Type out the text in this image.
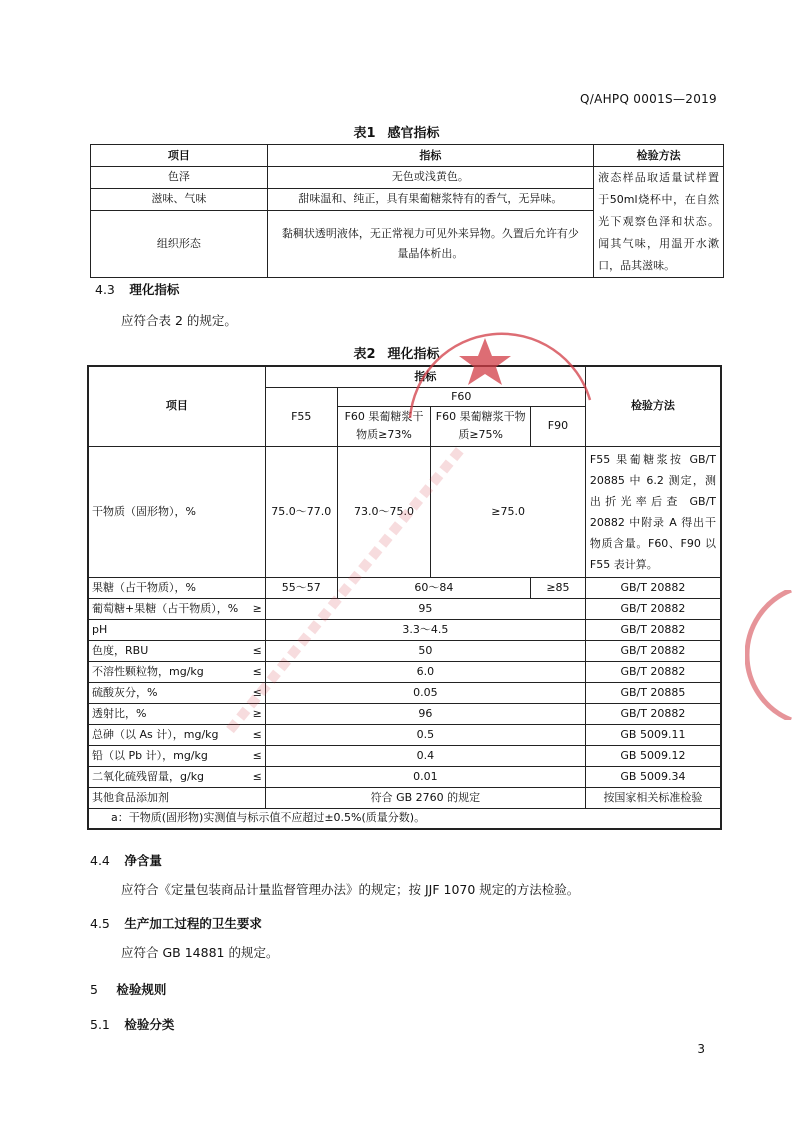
Q/AHPQ 0001S—2019
表1 感官指标
项目	指标	检验方法
色泽	无色或浅黄色。	液态样品取适量试样置于50ml烧杯中，在自然光下观察色泽和状态。闻其气味，用温开水漱口，品其滋味。
滋味、气味	甜味温和、纯正，具有果葡糖浆特有的香气，无异味。	
组织形态	黏稠状透明液体，无正常视力可见外来异物。久置后允许有少量晶体析出。	
4.3 理化指标
应符合表 2 的规定。
表2 理化指标
项目	指标				检验方法
	F55	F60			
		F60 果葡糖浆干物质≥73%	F60 果葡糖浆干物质≥75%	F90	
干物质（固形物），%	75.0～77.0	73.0～75.0	≥75.0		F55 果葡糖浆按 GB/T 20885 中 6.2 测定，测出折光率后查 GB/T 20882 中附录 A 得出干物质含量。F60、F90 以 F55 表计算。
果糖（占干物质），%	55～57	60～84		≥85	GB/T 20882

葡萄糖+果糖（占干物质），% ≥	95				GB/T 20882

pH	3.3～4.5				GB/T 20882

色度，RBU ≤	50				GB/T 20882

不溶性颗粒物，mg/kg ≤	6.0				GB/T 20882

硫酸灰分，% ≤	0.05				GB/T 20885

透射比，% ≥	96				GB/T 20882

总砷（以 As 计），mg/kg ≤	0.5				GB 5009.11

铅（以 Pb 计），mg/kg ≤	0.4				GB 5009.12

二氧化硫残留量，g/kg ≤	0.01				GB 5009.34

其他食品添加剂	符合 GB 2760 的规定				按国家相关标准检验
a：干物质(固形物)实测值与标示值不应超过±0.5%(质量分数)。					
4.4 净含量
应符合《定量包装商品计量监督管理办法》的规定；按 JJF 1070 规定的方法检验。
4.5 生产加工过程的卫生要求
应符合 GB 14881 的规定。
5 检验规则
5.1 检验分类
3
